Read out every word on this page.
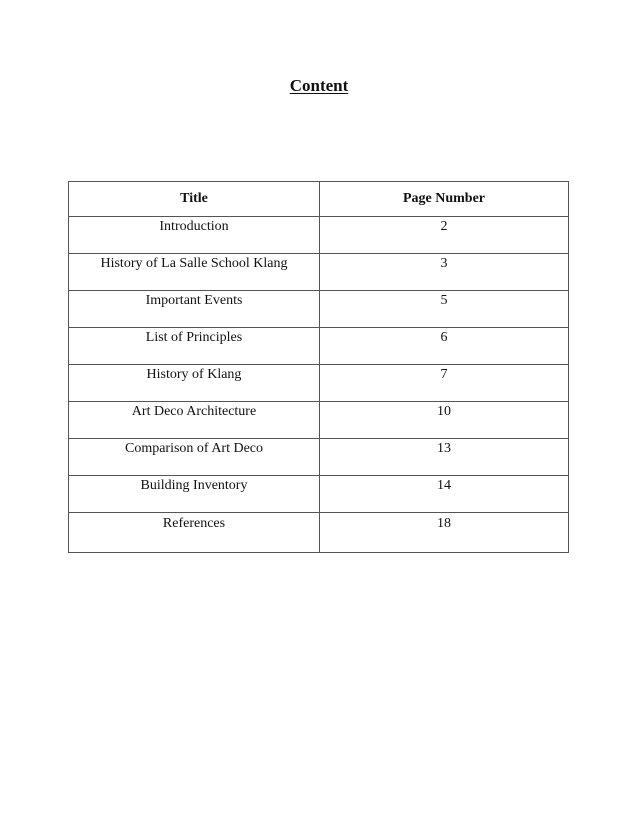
Content
Title	Page Number
Introduction	2
History of La Salle School Klang	3
Important Events	5
List of Principles	6
History of Klang	7
Art Deco Architecture	10
Comparison of Art Deco	13
Building Inventory	14
References	18
